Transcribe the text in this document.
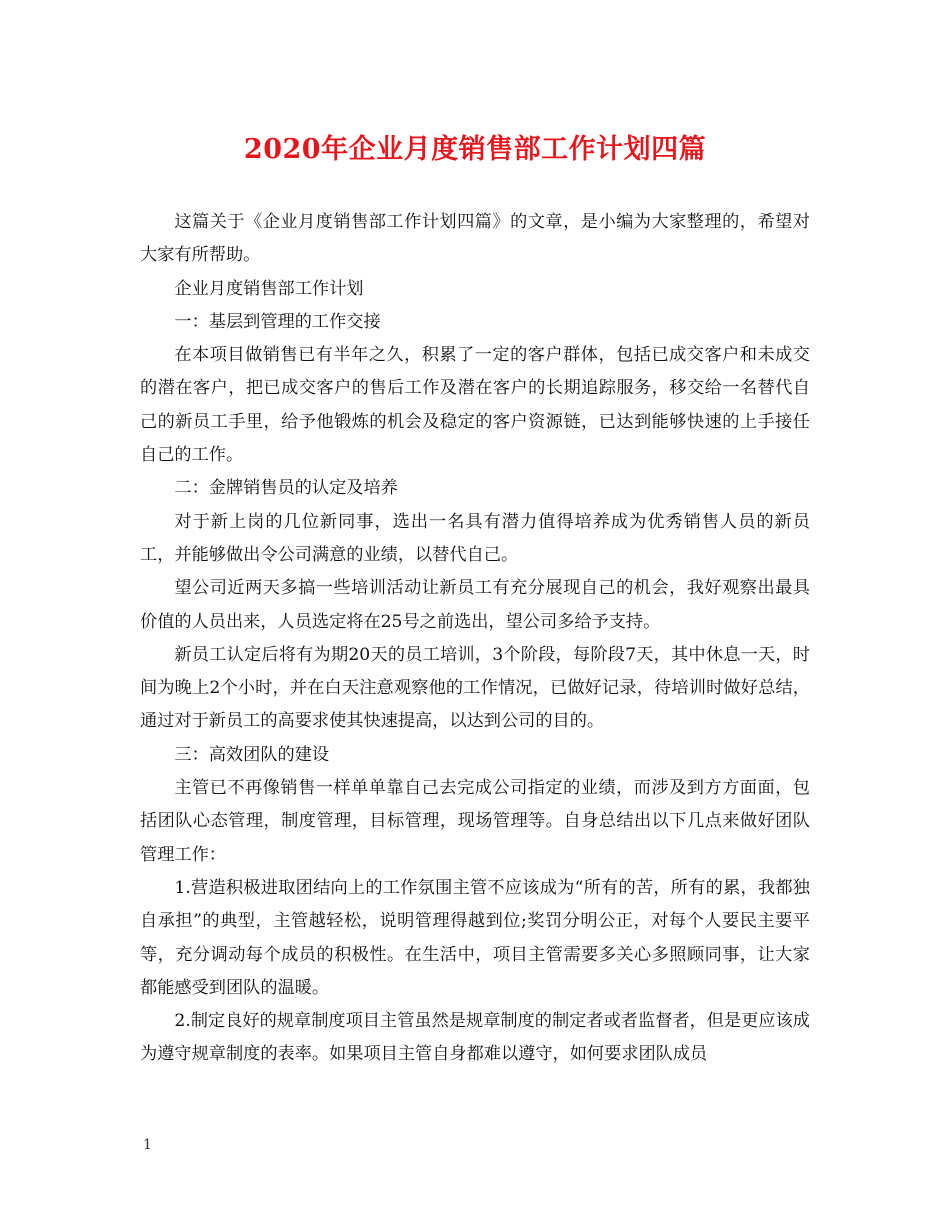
2020年企业月度销售部工作计划四篇

这篇关于《企业月度销售部工作计划四篇》的文章，是小编为大家整理的，希望对大家有所帮助。

企业月度销售部工作计划

一：基层到管理的工作交接

在本项目做销售已有半年之久，积累了一定的客户群体，包括已成交客户和未成交的潜在客户，把已成交客户的售后工作及潜在客户的长期追踪服务，移交给一名替代自己的新员工手里，给予他锻炼的机会及稳定的客户资源链，已达到能够快速的上手接任自己的工作。

二：金牌销售员的认定及培养

对于新上岗的几位新同事，选出一名具有潜力值得培养成为优秀销售人员的新员工，并能够做出令公司满意的业绩，以替代自己。

望公司近两天多搞一些培训活动让新员工有充分展现自己的机会，我好观察出最具价值的人员出来，人员选定将在25号之前选出，望公司多给予支持。

新员工认定后将有为期20天的员工培训，3个阶段，每阶段7天，其中休息一天，时间为晚上2个小时，并在白天注意观察他的工作情况，已做好记录，待培训时做好总结，通过对于新员工的高要求使其快速提高，以达到公司的目的。

三：高效团队的建设

主管已不再像销售一样单单靠自己去完成公司指定的业绩，而涉及到方方面面，包括团队心态管理，制度管理，目标管理，现场管理等。自身总结出以下几点来做好团队管理工作：

1.营造积极进取团结向上的工作氛围主管不应该成为“所有的苦，所有的累，我都独自承担”的典型，主管越轻松，说明管理得越到位;奖罚分明公正，对每个人要民主要平等，充分调动每个成员的积极性。在生活中，项目主管需要多关心多照顾同事，让大家都能感受到团队的温暖。

2.制定良好的规章制度项目主管虽然是规章制度的制定者或者监督者，但是更应该成为遵守规章制度的表率。如果项目主管自身都难以遵守，如何要求团队成员

1
